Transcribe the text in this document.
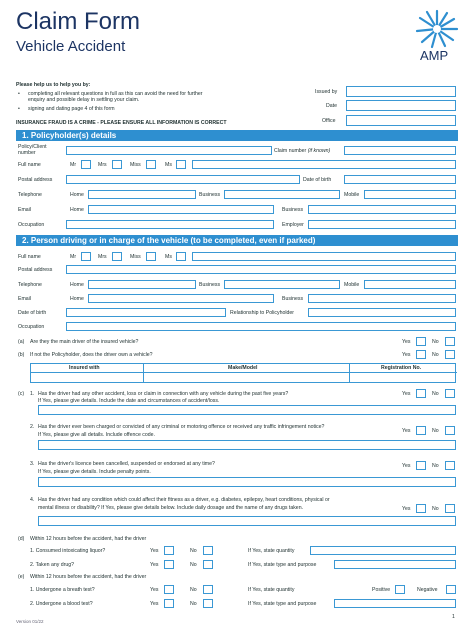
Claim Form
Vehicle Accident
AMP
Please help us to help you by:
• completing all relevant questions in full as this can avoid the need for further
enquiry and possible delay in settling your claim.
• signing and dating page 4 of this form
INSURANCE FRAUD IS A CRIME - PLEASE ENSURE ALL INFORMATION IS CORRECT
Issued by
Date
Office
1. Policyholder(s) details
Policy/Client
number	Claim number (if known)
Full name	Mr	Mrs	Miss	Ms
Postal address	Date of birth
Telephone	Home	Business	Mobile
Email	Home	Business
Occupation	Employer
2. Person driving or in charge of the vehicle (to be completed, even if parked)
Full name	Mr	Mrs	Miss	Ms
Postal address
Telephone	Home	Business	Mobile
Email	Home	Business
Date of birth	Relationship to Policyholder
Occupation
(a) Are they the main driver of the insured vehicle?	Yes	No
(b) If not the Policyholder, does the driver own a vehicle?	Yes	No
Insured with	Make/Model	Registration No.
(c) 1. Has the driver had any other accident, loss or claim in connection with any vehicle during the past five years?
If Yes, please give details. Include the date and circumstances of accident/loss.
Yes	No
2. Has the driver ever been charged or convicted of any criminal or motoring offence or received any traffic infringement notice?
If Yes, please give all details. Include offence code.
Yes	No
3. Has the driver's licence been cancelled, suspended or endorsed at any time?
If Yes, please give details. Include penalty points.
Yes	No
4. Has the driver had any condition which could affect their fitness as a driver, e.g. diabetes, epilepsy, heart conditions, physical or
mental illness or disability? If Yes, please give details below. Include daily dosage and the name of any drugs taken.	Yes	No
(d) Within 12 hours before the accident, had the driver
1. Consumed intoxicating liquor?	Yes	No	If Yes, state quantity
2. Taken any drug?	Yes	No	If Yes, state type and purpose
(e) Within 12 hours before the accident, had the driver
1. Undergone a breath test?	Yes	No	If Yes, state quantity	Positive	Negative
2. Undergone a blood test?	Yes	No	If Yes, state type and purpose
Version 01/22
1
